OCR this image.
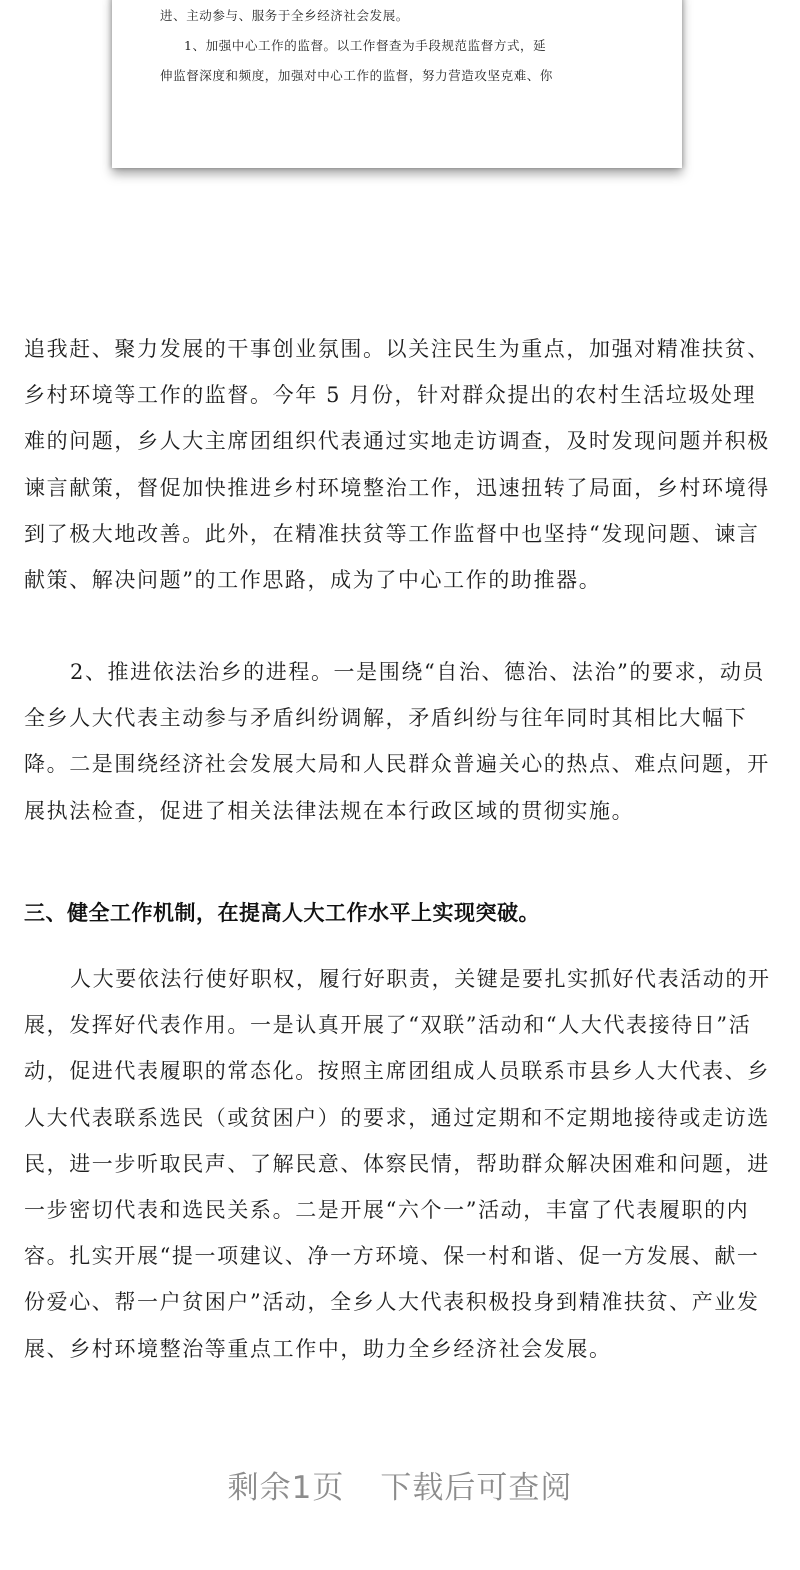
进、主动参与、服务于全乡经济社会发展。
1、加强中心工作的监督。以工作督查为手段规范监督方式，延
伸监督深度和频度，加强对中心工作的监督，努力营造攻坚克难、你

追我赶、聚力发展的干事创业氛围。以关注民生为重点，加强对精准扶贫、乡村环境等工作的监督。今年 5 月份，针对群众提出的农村生活垃圾处理难的问题，乡人大主席团组织代表通过实地走访调查，及时发现问题并积极谏言献策，督促加快推进乡村环境整治工作，迅速扭转了局面，乡村环境得到了极大地改善。此外，在精准扶贫等工作监督中也坚持“发现问题、谏言献策、解决问题”的工作思路，成为了中心工作的助推器。

2、推进依法治乡的进程。一是围绕“自治、德治、法治”的要求，动员全乡人大代表主动参与矛盾纠纷调解，矛盾纠纷与往年同时其相比大幅下降。二是围绕经济社会发展大局和人民群众普遍关心的热点、难点问题，开展执法检查，促进了相关法律法规在本行政区域的贯彻实施。

三、健全工作机制，在提高人大工作水平上实现突破。

人大要依法行使好职权，履行好职责，关键是要扎实抓好代表活动的开展，发挥好代表作用。一是认真开展了“双联”活动和“人大代表接待日”活动，促进代表履职的常态化。按照主席团组成人员联系市县乡人大代表、乡人大代表联系选民（或贫困户）的要求，通过定期和不定期地接待或走访选民，进一步听取民声、了解民意、体察民情，帮助群众解决困难和问题，进一步密切代表和选民关系。二是开展“六个一”活动，丰富了代表履职的内容。扎实开展“提一项建议、净一方环境、保一村和谐、促一方发展、献一份爱心、帮一户贫困户”活动，全乡人大代表积极投身到精准扶贫、产业发展、乡村环境整治等重点工作中，助力全乡经济社会发展。

剩余1页 下载后可查阅
